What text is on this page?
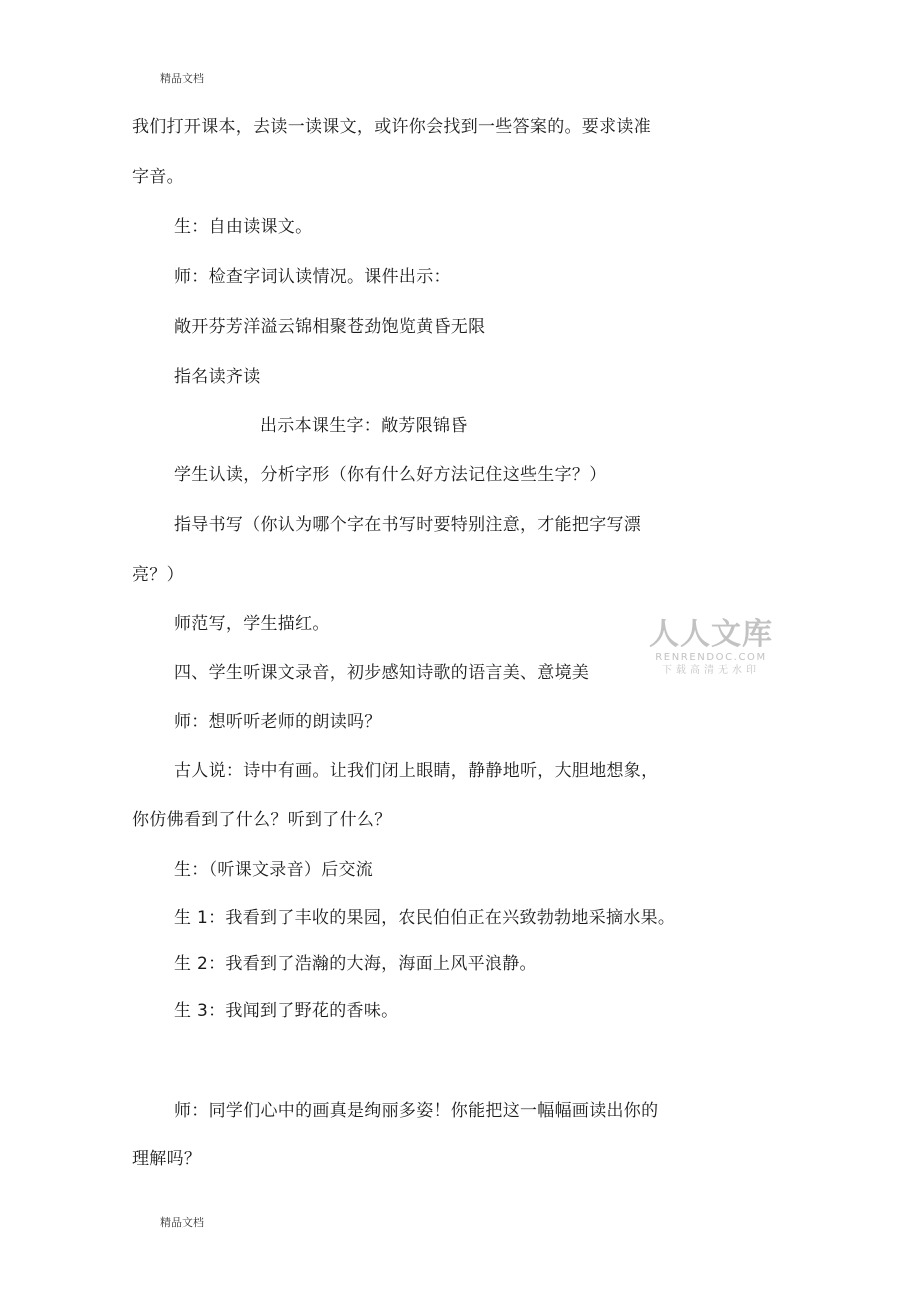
精品文档
我们打开课本，去读一读课文，或许你会找到一些答案的。要求读准
字音。
生：自由读课文。
师：检查字词认读情况。课件出示：
敞开芬芳洋溢云锦相聚苍劲饱览黄昏无限
指名读齐读
出示本课生字：敞芳限锦昏
学生认读，分析字形（你有什么好方法记住这些生字？）
指导书写（你认为哪个字在书写时要特别注意，才能把字写漂
亮？）
师范写，学生描红。
四、学生听课文录音，初步感知诗歌的语言美、意境美
师：想听听老师的朗读吗？
古人说：诗中有画。让我们闭上眼睛，静静地听，大胆地想象，
你仿佛看到了什么？听到了什么？
生：（听课文录音）后交流
生 1：我看到了丰收的果园，农民伯伯正在兴致勃勃地采摘水果。
生 2：我看到了浩瀚的大海，海面上风平浪静。
生 3：我闻到了野花的香味。
师：同学们心中的画真是绚丽多姿！你能把这一幅幅画读出你的
理解吗？
人人文库
RENRENDOC.COM
下载高清无水印
精品文档
